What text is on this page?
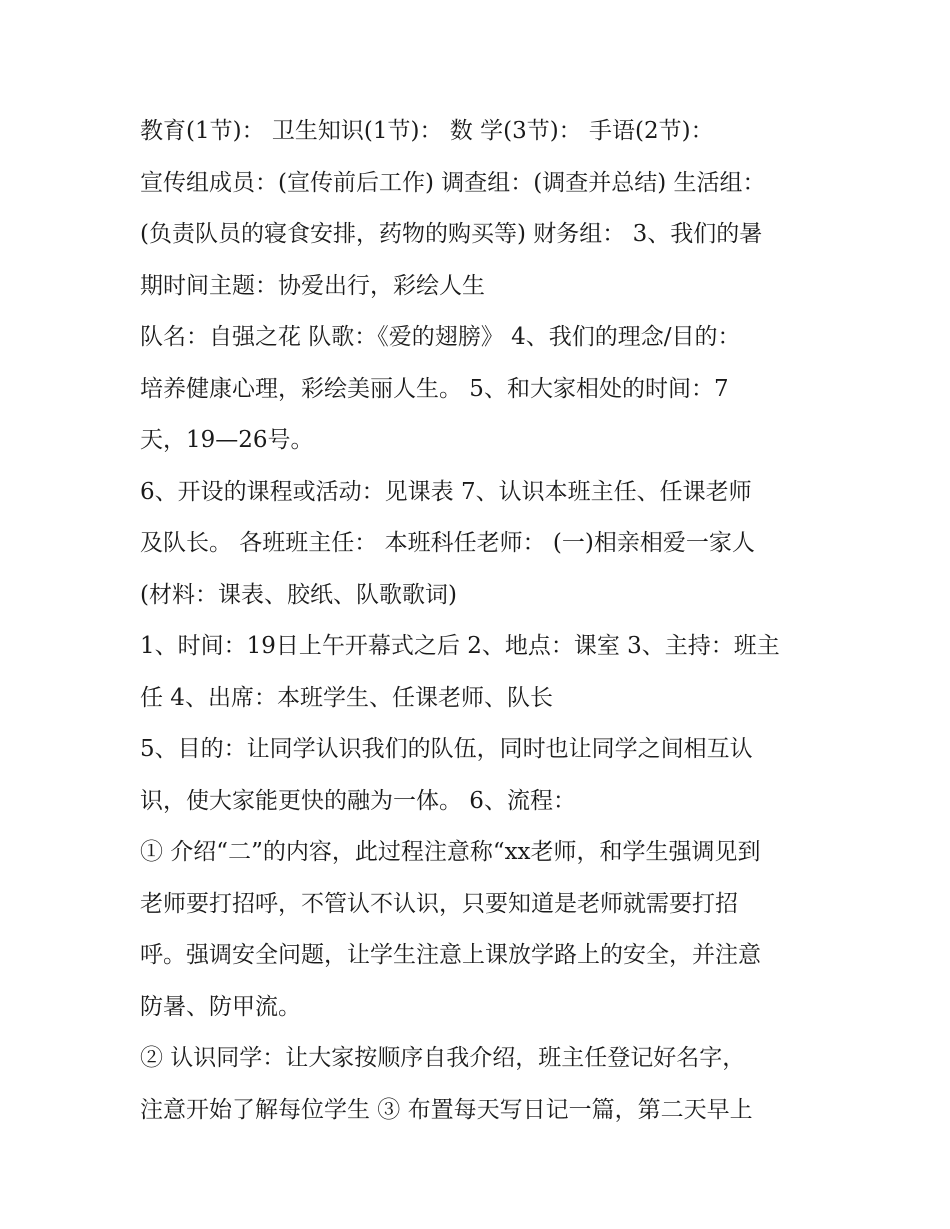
教育(1节)： 卫生知识(1节)： 数 学(3节)： 手语(2节)：
宣传组成员：(宣传前后工作) 调查组：(调查并总结) 生活组：
(负责队员的寝食安排，药物的购买等) 财务组： 3、我们的暑
期时间主题：协爱出行，彩绘人生
队名：自强之花 队歌：《爱的翅膀》 4、我们的理念/目的：
培养健康心理，彩绘美丽人生。 5、和大家相处的时间：7
天，19—26号。
6、开设的课程或活动：见课表 7、认识本班主任、任课老师
及队长。 各班班主任： 本班科任老师： (一)相亲相爱一家人
(材料：课表、胶纸、队歌歌词)
1、时间：19日上午开幕式之后 2、地点：课室 3、主持：班主
任 4、出席：本班学生、任课老师、队长
5、目的：让同学认识我们的队伍，同时也让同学之间相互认
识，使大家能更快的融为一体。 6、流程：
① 介绍“二”的内容，此过程注意称“xx老师，和学生强调见到
老师要打招呼，不管认不认识，只要知道是老师就需要打招
呼。强调安全问题，让学生注意上课放学路上的安全，并注意
防暑、防甲流。
② 认识同学：让大家按顺序自我介绍，班主任登记好名字，
注意开始了解每位学生 ③ 布置每天写日记一篇，第二天早上
